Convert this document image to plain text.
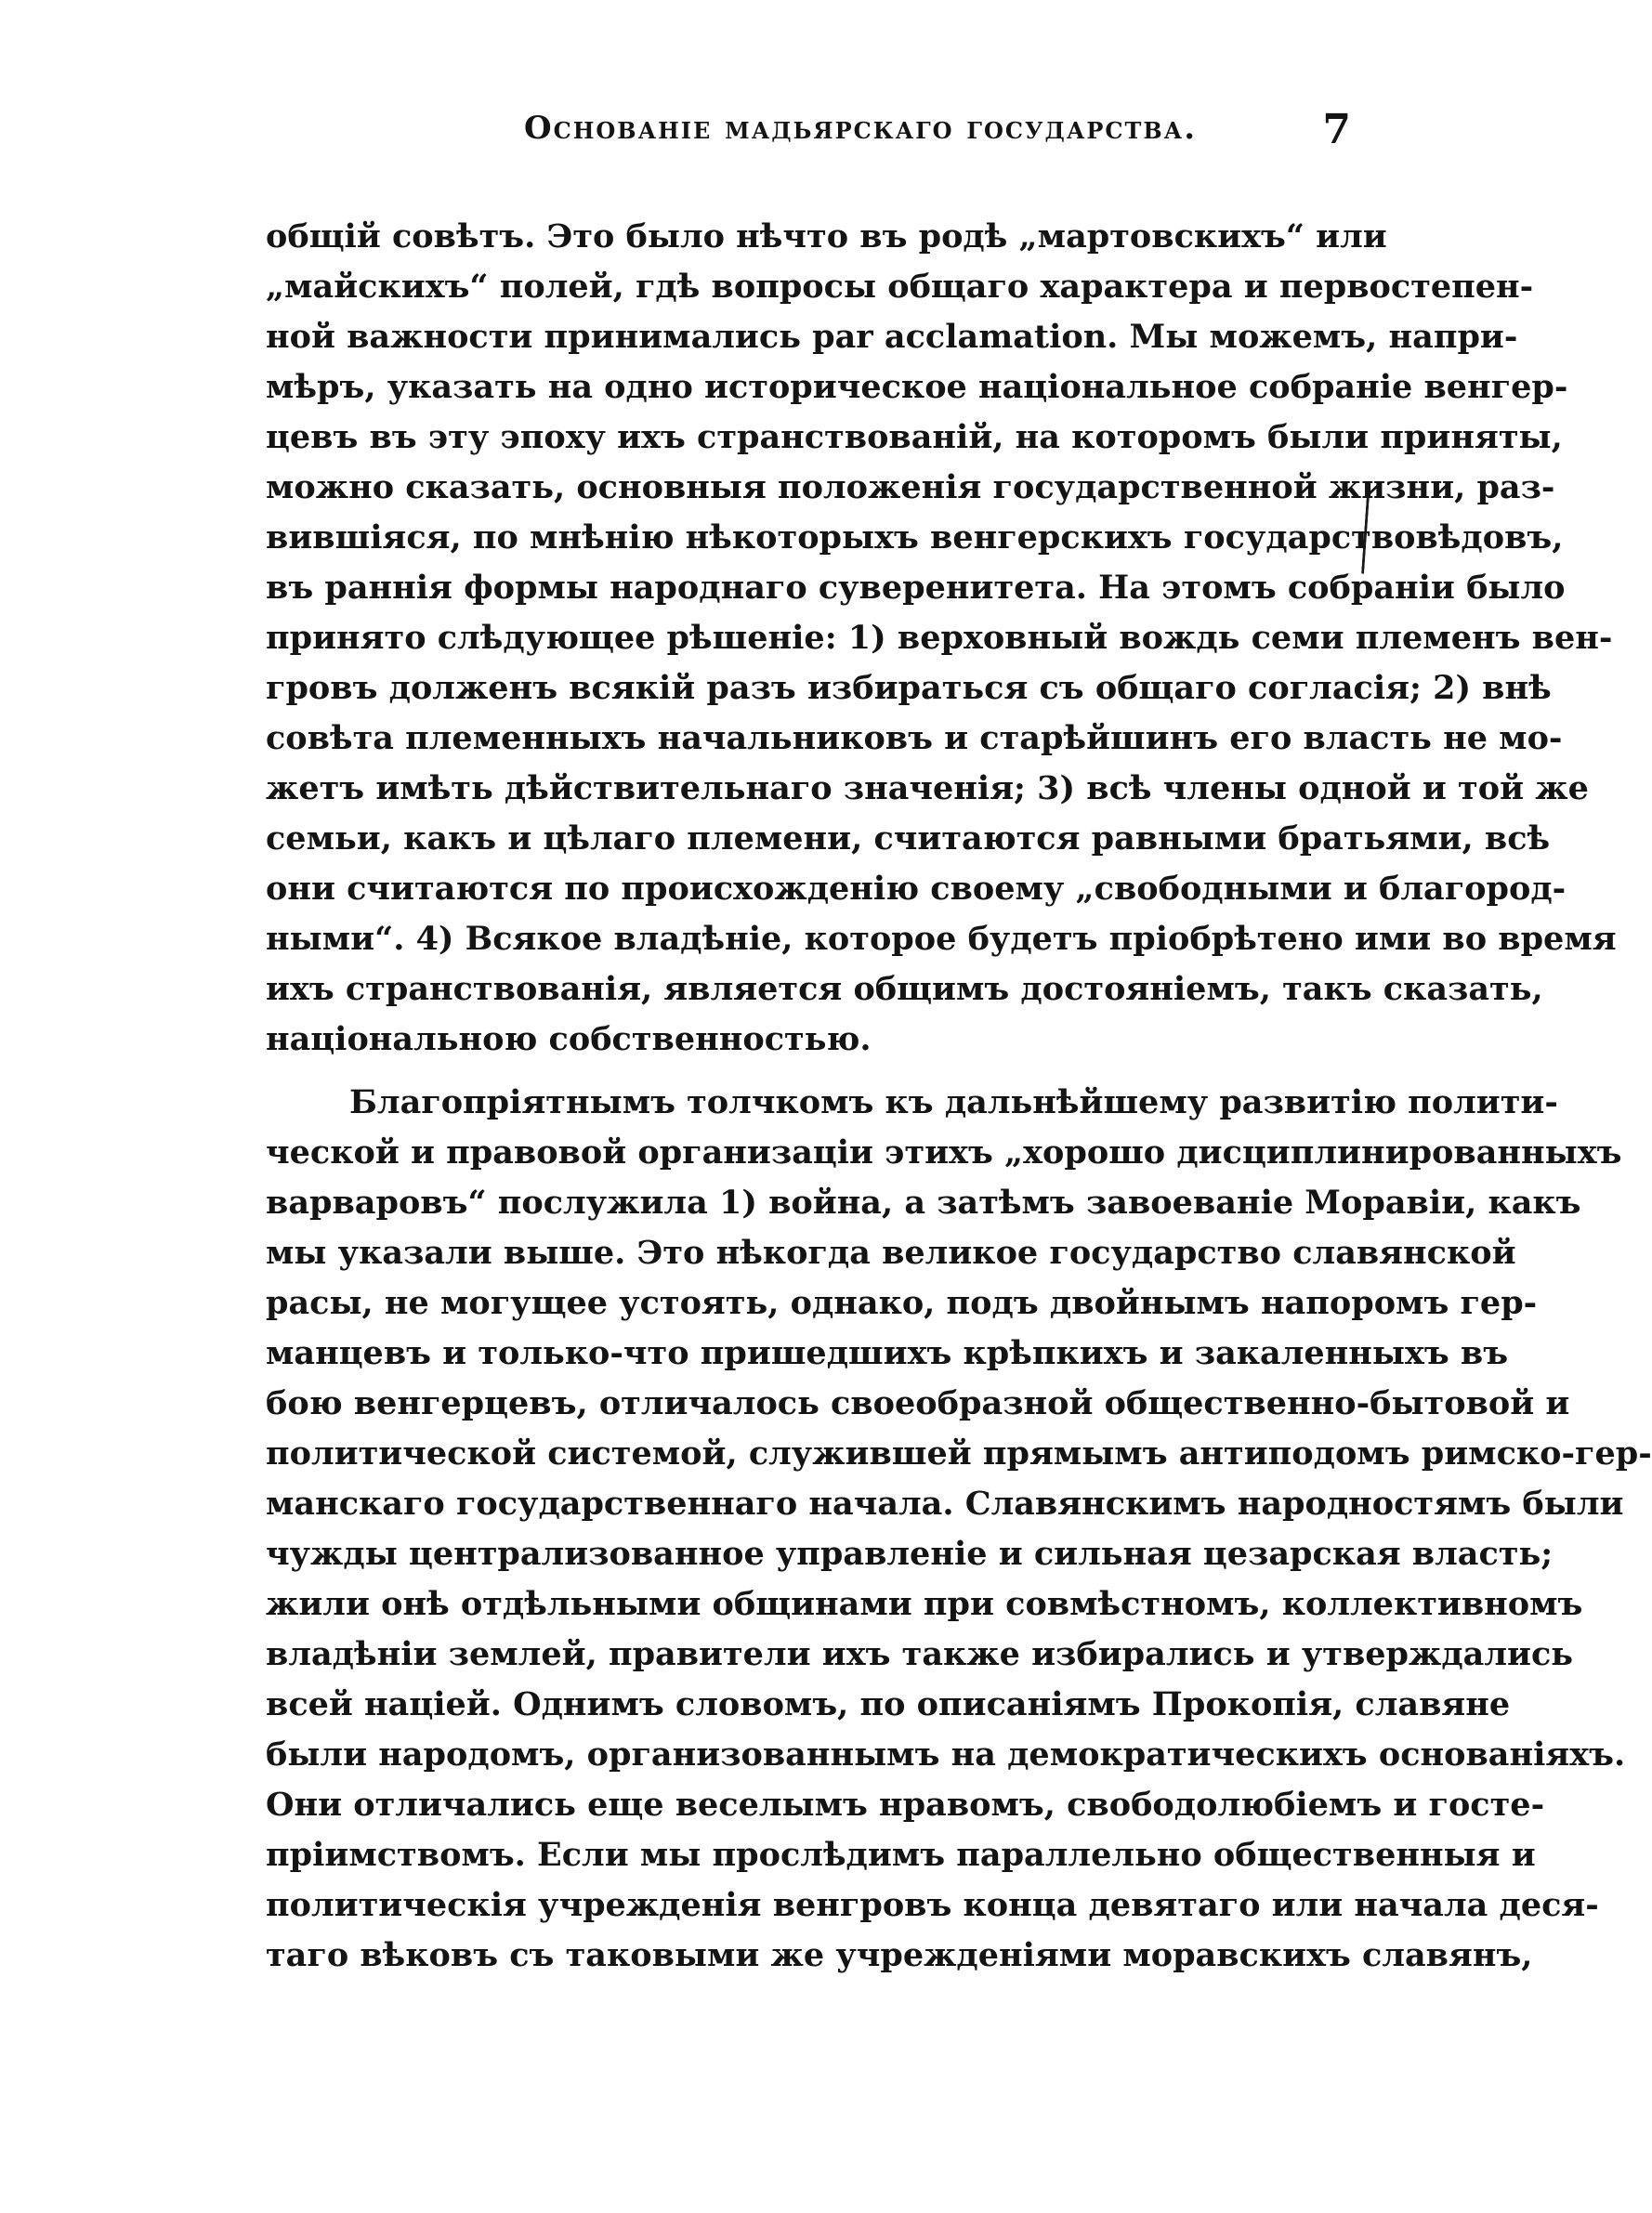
Основаніе мадьярскаго государства.	7
общій совѣтъ. Это было нѣчто въ родѣ „мартовскихъ“ или
„майскихъ“ полей, гдѣ вопросы общаго характера и первостепен-
ной важности принимались par acclamation. Мы можемъ, напри-
мѣръ, указать на одно историческое національное собраніе венгер-
цевъ въ эту эпоху ихъ странствованій, на которомъ были приняты,
можно сказать, основныя положенія государственной жизни, раз-
вившіяся, по мнѣнію нѣкоторыхъ венгерскихъ государствовѣдовъ,
въ раннія формы народнаго суверенитета. На этомъ собраніи было
принято слѣдующее рѣшеніе: 1) верховный вождь семи племенъ вен-
гровъ долженъ всякій разъ избираться съ общаго согласія; 2) внѣ
совѣта племенныхъ начальниковъ и старѣйшинъ его власть не мо-
жетъ имѣть дѣйствительнаго значенія; 3) всѣ члены одной и той же
семьи, какъ и цѣлаго племени, считаются равными братьями, всѣ
они считаются по происхожденію своему „свободными и благород-
ными“. 4) Всякое владѣніе, которое будетъ пріобрѣтено ими во время
ихъ странствованія, является общимъ достояніемъ, такъ сказать,
національною собственностью.
Благопріятнымъ толчкомъ къ дальнѣйшему развитію полити-
ческой и правовой организаціи этихъ „хорошо дисциплинированныхъ
варваровъ“ послужила 1) война, а затѣмъ завоеваніе Моравіи, какъ
мы указали выше. Это нѣкогда великое государство славянской
расы, не могущее устоять, однако, подъ двойнымъ напоромъ гер-
манцевъ и только-что пришедшихъ крѣпкихъ и закаленныхъ въ
бою венгерцевъ, отличалось своеобразной общественно-бытовой и
политической системой, служившей прямымъ антиподомъ римско-гер-
манскаго государственнаго начала. Славянскимъ народностямъ были
чужды централизованное управленіе и сильная цезарская власть;
жили онѣ отдѣльными общинами при совмѣстномъ, коллективномъ
владѣніи землей, правители ихъ также избирались и утверждались
всей націей. Однимъ словомъ, по описаніямъ Прокопія, славяне
были народомъ, организованнымъ на демократическихъ основаніяхъ.
Они отличались еще веселымъ нравомъ, свободолюбіемъ и госте-
пріимствомъ. Если мы прослѣдимъ параллельно общественныя и
политическія учрежденія венгровъ конца девятаго или начала деся-
таго вѣковъ съ таковыми же учрежденіями моравскихъ славянъ,
